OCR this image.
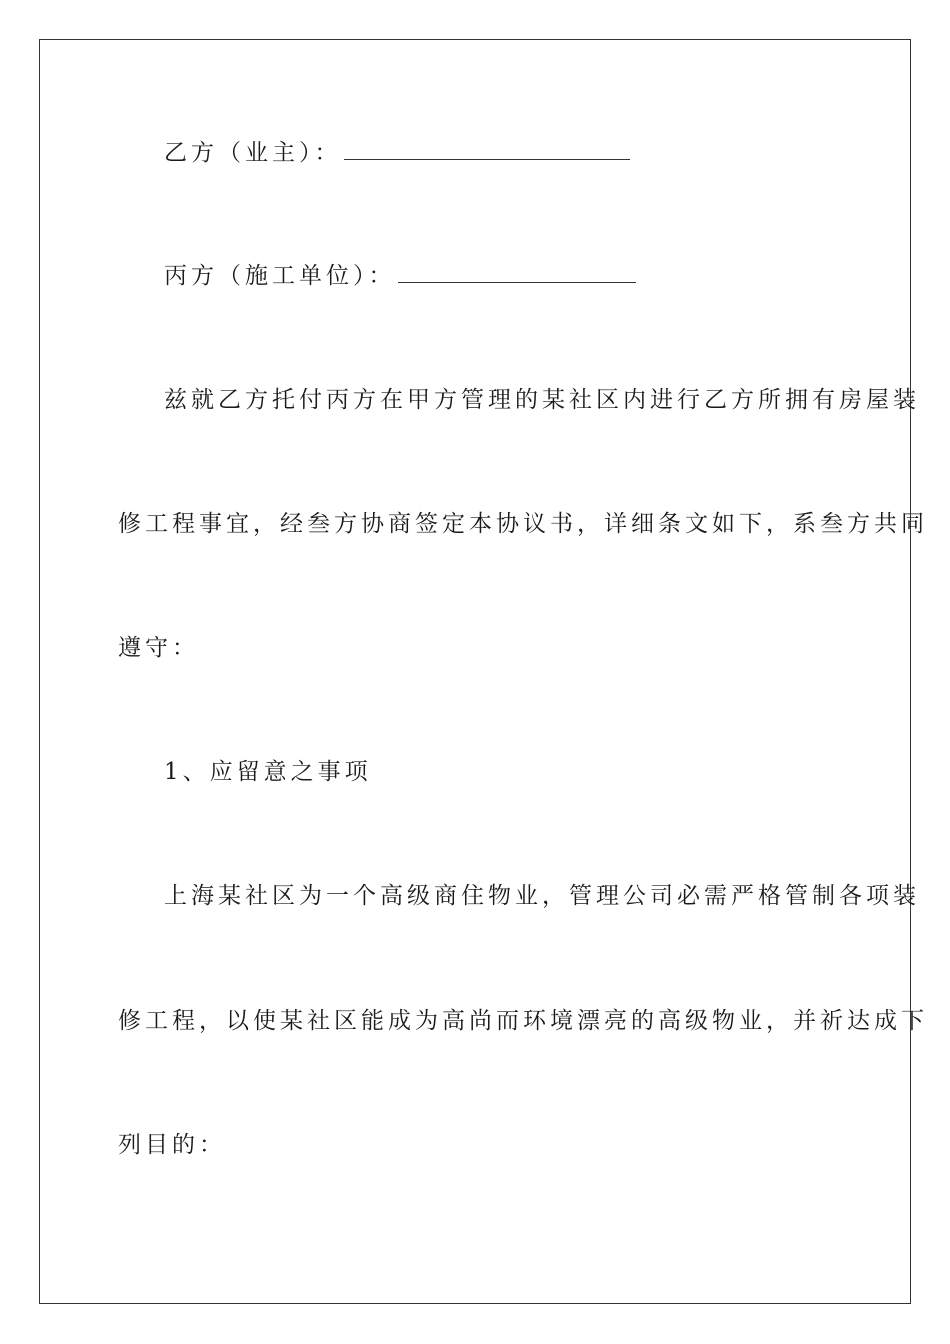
乙方（业主）：
丙方（施工单位）：
兹就乙方托付丙方在甲方管理的某社区内进行乙方所拥有房屋装
修工程事宜，经叁方协商签定本协议书，详细条文如下，系叁方共同
遵守：
1、应留意之事项
上海某社区为一个高级商住物业，管理公司必需严格管制各项装
修工程，以使某社区能成为高尚而环境漂亮的高级物业，并祈达成下
列目的：
